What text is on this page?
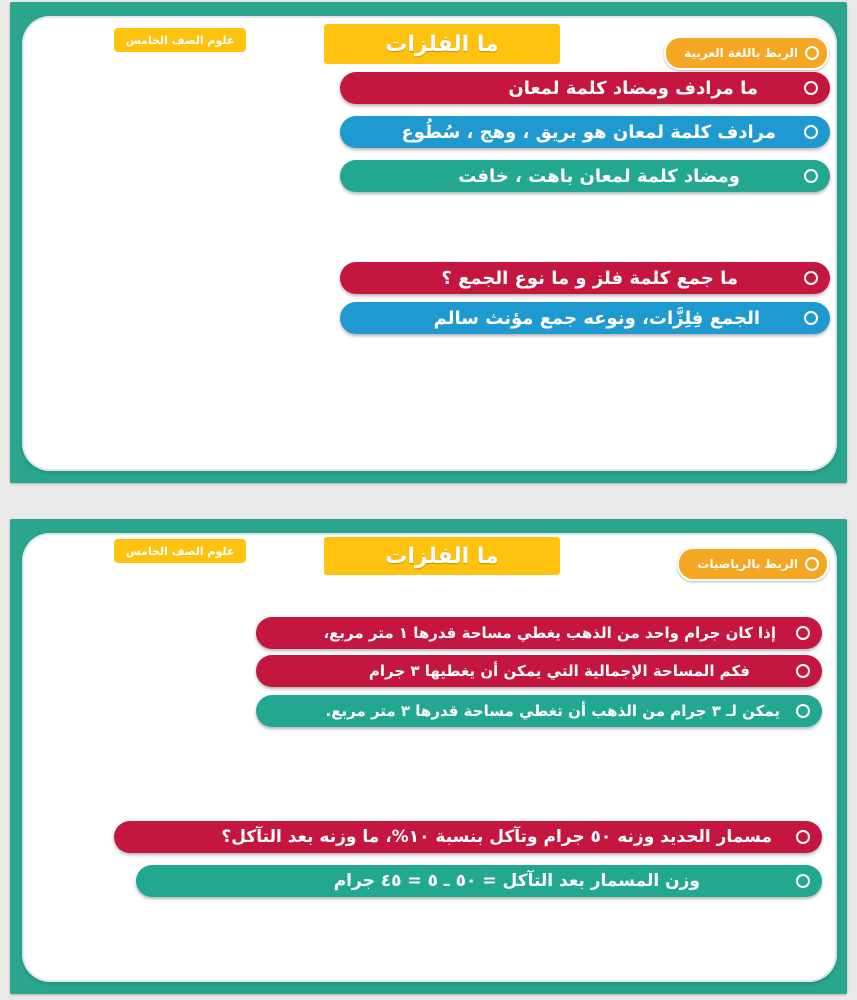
ما الفلزات
علوم الصف الخامس
الربط باللغة العربية
ما مرادف ومضاد كلمة لمعان
مرادف كلمة لمعان هو بريق ، وهج ، سُطُوع
ومضاد كلمة لمعان باهت ، خافت
ما جمع كلمة فلز و ما نوع الجمع ؟
الجمع فِلِزَّات، ونوعه جمع مؤنث سالم
ما الفلزات
علوم الصف الخامس
الربط بالرياضيات
إذا كان جرام واحد من الذهب يغطي مساحة قدرها ١ متر مربع،
فكم المساحة الإجمالية التي يمكن أن يغطيها ٣ جرام
يمكن لـ ٣ جرام من الذهب أن تغطي مساحة قدرها ٣ متر مربع.
مسمار الحديد وزنه ٥٠ جرام وتآكل بنسبة ١٠%، ما وزنه بعد التآكل؟
وزن المسمار بعد التآكل = ٥٠ ـ ٥ = ٤٥ جرام
